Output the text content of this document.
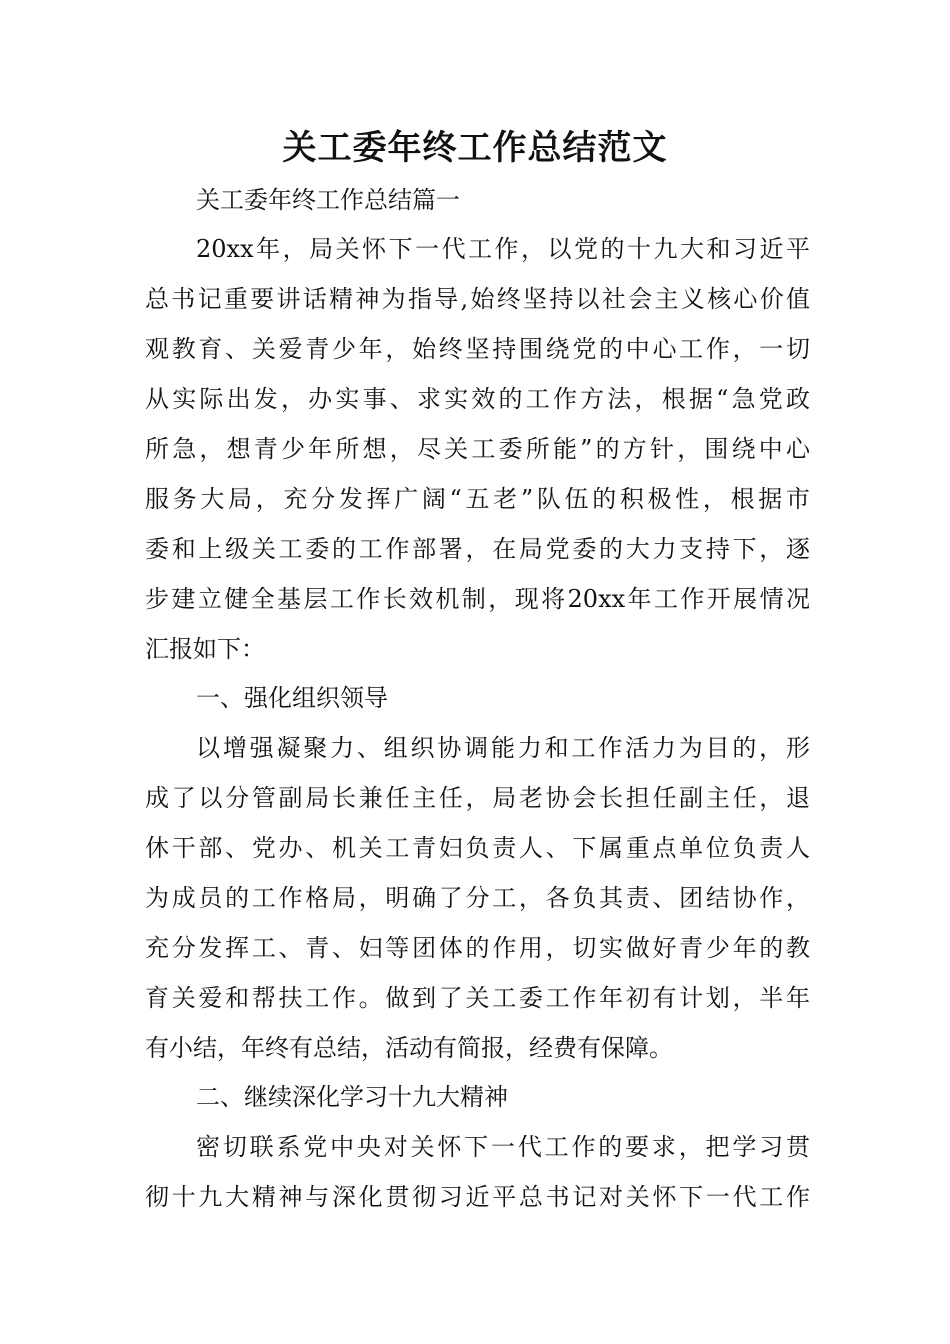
关工委年终工作总结范文
关工委年终工作总结篇一
20xx年，局关怀下一代工作，以党的十九大和习近平
总书记重要讲话精神为指导,始终坚持以社会主义核心价值
观教育、关爱青少年，始终坚持围绕党的中心工作，一切
从实际出发，办实事、求实效的工作方法，根据“急党政
所急，想青少年所想，尽关工委所能”的方针，围绕中心
服务大局，充分发挥广阔“五老”队伍的积极性，根据市
委和上级关工委的工作部署，在局党委的大力支持下，逐
步建立健全基层工作长效机制，现将20xx年工作开展情况
汇报如下：
一、强化组织领导
以增强凝聚力、组织协调能力和工作活力为目的，形
成了以分管副局长兼任主任，局老协会长担任副主任，退
休干部、党办、机关工青妇负责人、下属重点单位负责人
为成员的工作格局，明确了分工，各负其责、团结协作，
充分发挥工、青、妇等团体的作用，切实做好青少年的教
育关爱和帮扶工作。做到了关工委工作年初有计划，半年
有小结，年终有总结，活动有简报，经费有保障。
二、继续深化学习十九大精神
密切联系党中央对关怀下一代工作的要求，把学习贯
彻十九大精神与深化贯彻习近平总书记对关怀下一代工作
